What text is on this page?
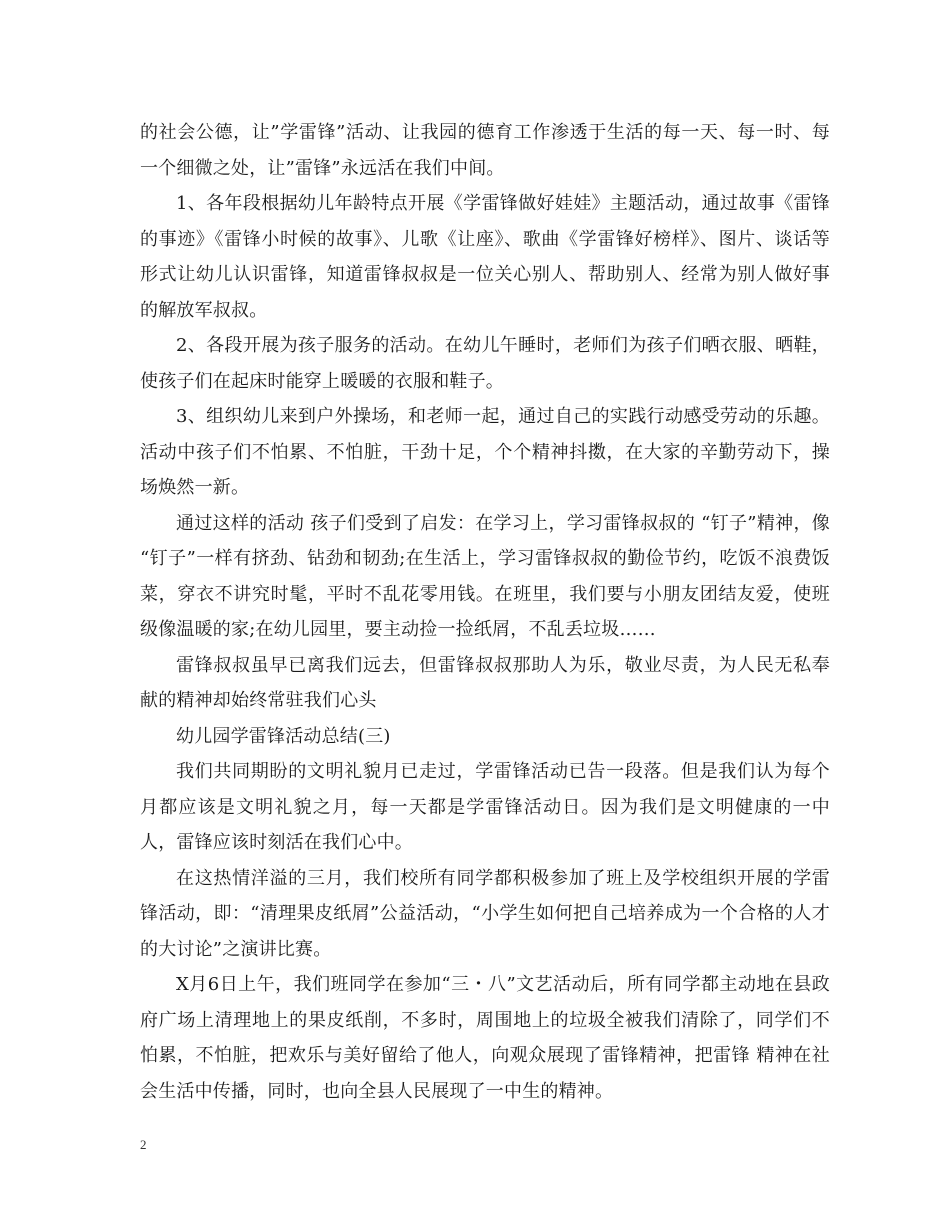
的社会公德，让”学雷锋”活动、让我园的德育工作渗透于生活的每一天、每一时、每一个细微之处，让”雷锋”永远活在我们中间。

1、各年段根据幼儿年龄特点开展《学雷锋做好娃娃》主题活动，通过故事《雷锋的事迹》《雷锋小时候的故事》、儿歌《让座》、歌曲《学雷锋好榜样》、图片、谈话等形式让幼儿认识雷锋，知道雷锋叔叔是一位关心别人、帮助别人、经常为别人做好事的解放军叔叔。

2、各段开展为孩子服务的活动。在幼儿午睡时，老师们为孩子们晒衣服、晒鞋，使孩子们在起床时能穿上暖暖的衣服和鞋子。

3、组织幼儿来到户外操场，和老师一起，通过自己的实践行动感受劳动的乐趣。活动中孩子们不怕累、不怕脏，干劲十足，个个精神抖擞，在大家的辛勤劳动下，操场焕然一新。

通过这样的活动 孩子们受到了启发：在学习上，学习雷锋叔叔的 “钉子”精神，像 “钉子”一样有挤劲、钻劲和韧劲;在生活上，学习雷锋叔叔的勤俭节约，吃饭不浪费饭菜，穿衣不讲究时髦，平时不乱花零用钱。在班里，我们要与小朋友团结友爱，使班级像温暖的家;在幼儿园里，要主动捡一捡纸屑，不乱丢垃圾……

雷锋叔叔虽早已离我们远去，但雷锋叔叔那助人为乐，敬业尽责，为人民无私奉献的精神却始终常驻我们心头

幼儿园学雷锋活动总结(三)

我们共同期盼的文明礼貌月已走过，学雷锋活动已告一段落。但是我们认为每个月都应该是文明礼貌之月，每一天都是学雷锋活动日。因为我们是文明健康的一中人，雷锋应该时刻活在我们心中。

在这热情洋溢的三月，我们校所有同学都积极参加了班上及学校组织开展的学雷锋活动，即：“清理果皮纸屑”公益活动，“小学生如何把自己培养成为一个合格的人才的大讨论”之演讲比赛。

X月6日上午，我们班同学在参加“三・八”文艺活动后，所有同学都主动地在县政府广场上清理地上的果皮纸削，不多时，周围地上的垃圾全被我们清除了，同学们不怕累，不怕脏，把欢乐与美好留给了他人，向观众展现了雷锋精神，把雷锋 精神在社会生活中传播，同时，也向全县人民展现了一中生的精神。

2
